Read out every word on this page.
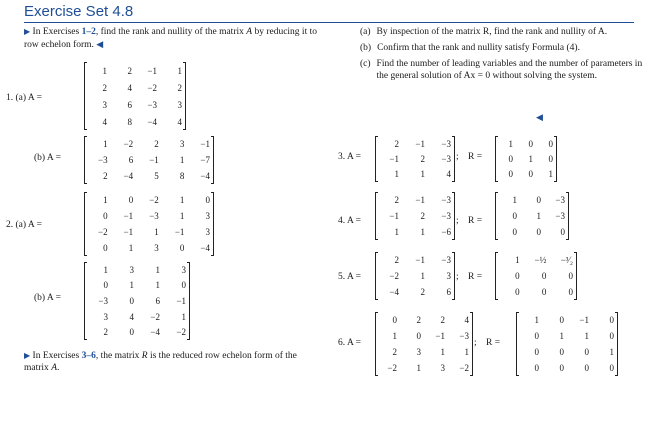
Exercise Set 4.8
▶ In Exercises 1–2, find the rank and nullity of the matrix A by reducing it to row echelon form. ◀
1. (a) A =
1	2	−1	1
2	4	−2	2
3	6	−3	3
4	8	−4	4
(b) A =
1	−2	2	3	−1
−3	6	−1	1	−7
2	−4	5	8	−4
2. (a) A =
1	0	−2	1	0
0	−1	−3	1	3
−2	−1	1	−1	3
0	1	3	0	−4
(b) A =
1	3	1	3
0	1	1	0
−3	0	6	−1
3	4	−2	1
2	0	−4	−2
▶ In Exercises 3–6, the matrix R is the reduced row echelon form of the matrix A.
(a) By inspection of the matrix R, find the rank and nullity of A.
(b) Confirm that the rank and nullity satisfy Formula (4).
(c) Find the number of leading variables and the number of parameters in the general solution of Ax = 0 without solving the system.
◀
3. A =
2	−1	−3
−1	2	−3
1	1	4
; R =
1	0	0
0	1	0
0	0	1
4. A =
2	−1	−3
−1	2	−3
1	1	−6
; R =
1	0	−3
0	1	−3
0	0	0
5. A =
2	−1	−3
−2	1	3
−4	2	6
; R =
1	−½	−³⁄₂
0	0	0
0	0	0
6. A =
0	2	2	4
1	0	−1	−3
2	3	1	1
−2	1	3	−2
; R =
1	0	−1	0
0	1	1	0
0	0	0	1
0	0	0	0
